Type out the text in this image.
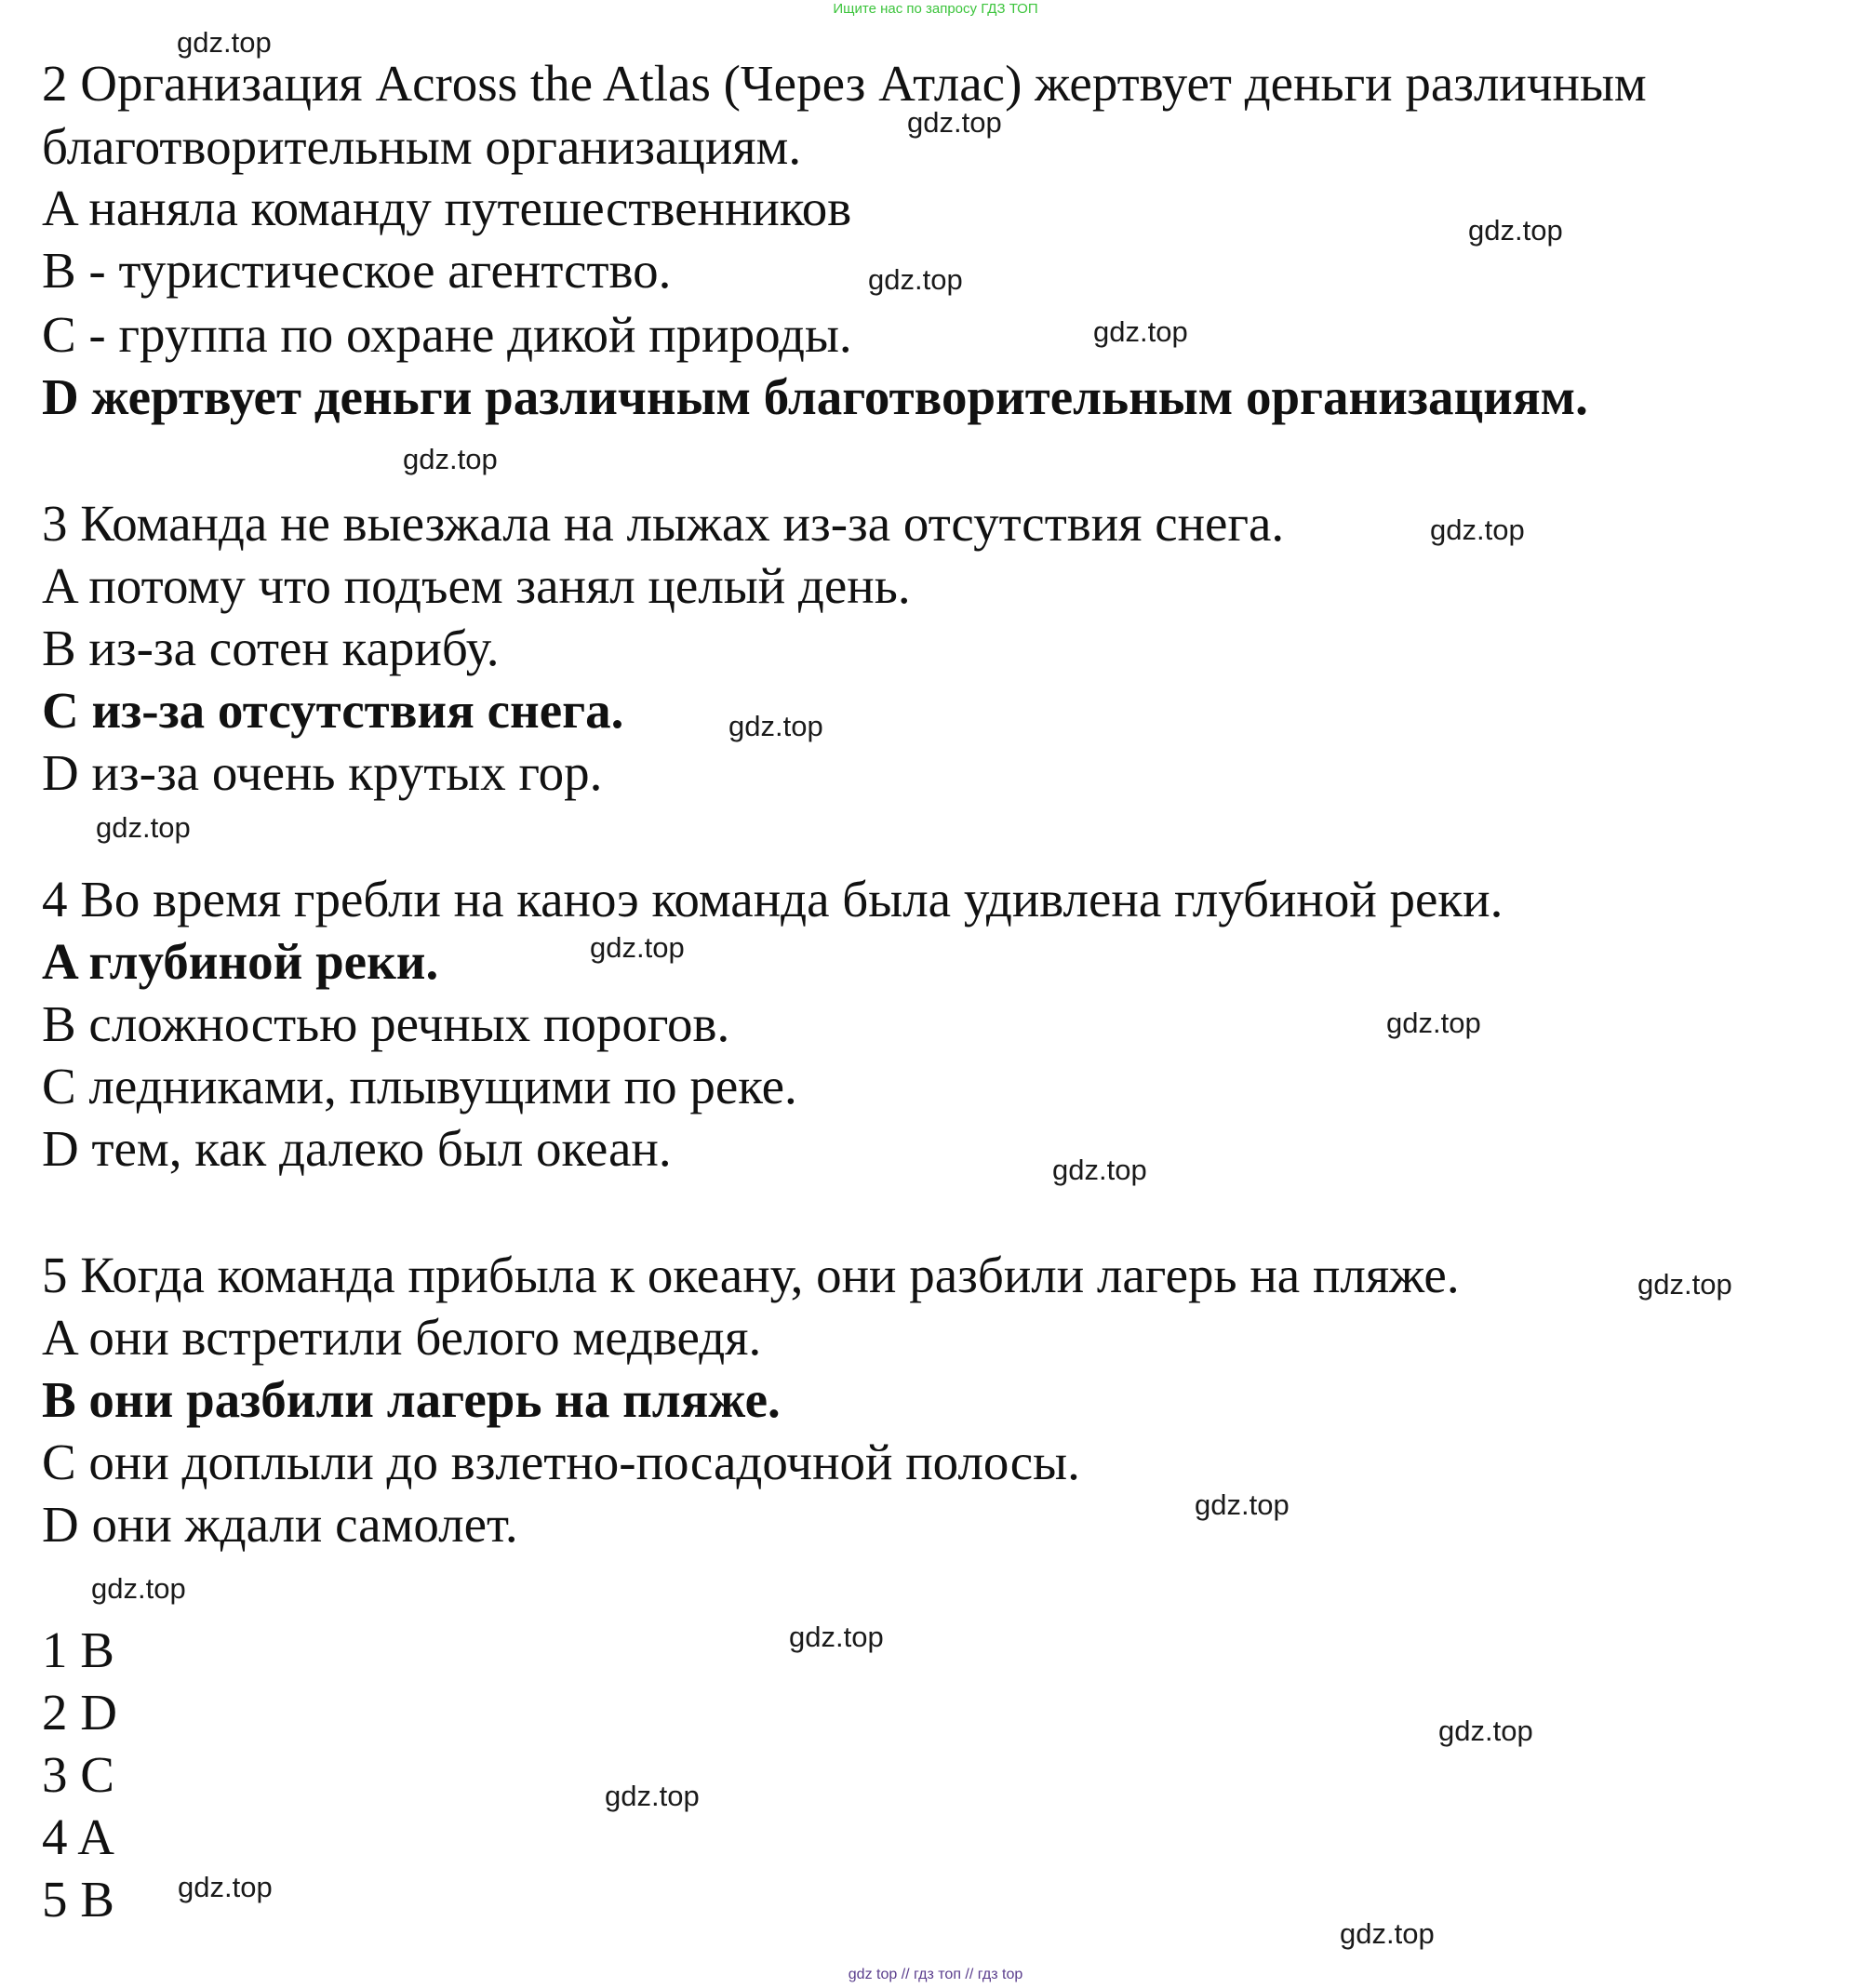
Ищите нас по запросу ГДЗ ТОП
2 Организация Across the Atlas (Через Атлас) жертвует деньги различным
благотворительным организациям.
A наняла команду путешественников
B - туристическое агентство.
C - группа по охране дикой природы.
D жертвует деньги различным благотворительным организациям.
3 Команда не выезжала на лыжах из-за отсутствия снега.
A потому что подъем занял целый день.
B из-за сотен карибу.
C из-за отсутствия снега.
D из-за очень крутых гор.
4 Во время гребли на каноэ команда была удивлена глубиной реки.
A глубиной реки.
B сложностью речных порогов.
C ледниками, плывущими по реке.
D тем, как далеко был океан.
5 Когда команда прибыла к океану, они разбили лагерь на пляже.
A они встретили белого медведя.
B они разбили лагерь на пляже.
C они доплыли до взлетно-посадочной полосы.
D они ждали самолет.
1 B
2 D
3 C
4 A
5 B
gdz.top
gdz.top
gdz.top
gdz.top
gdz.top
gdz.top
gdz.top
gdz.top
gdz.top
gdz.top
gdz.top
gdz.top
gdz.top
gdz.top
gdz.top
gdz.top
gdz.top
gdz.top
gdz.top
gdz.top
gdz top // гдз топ // гдз top
